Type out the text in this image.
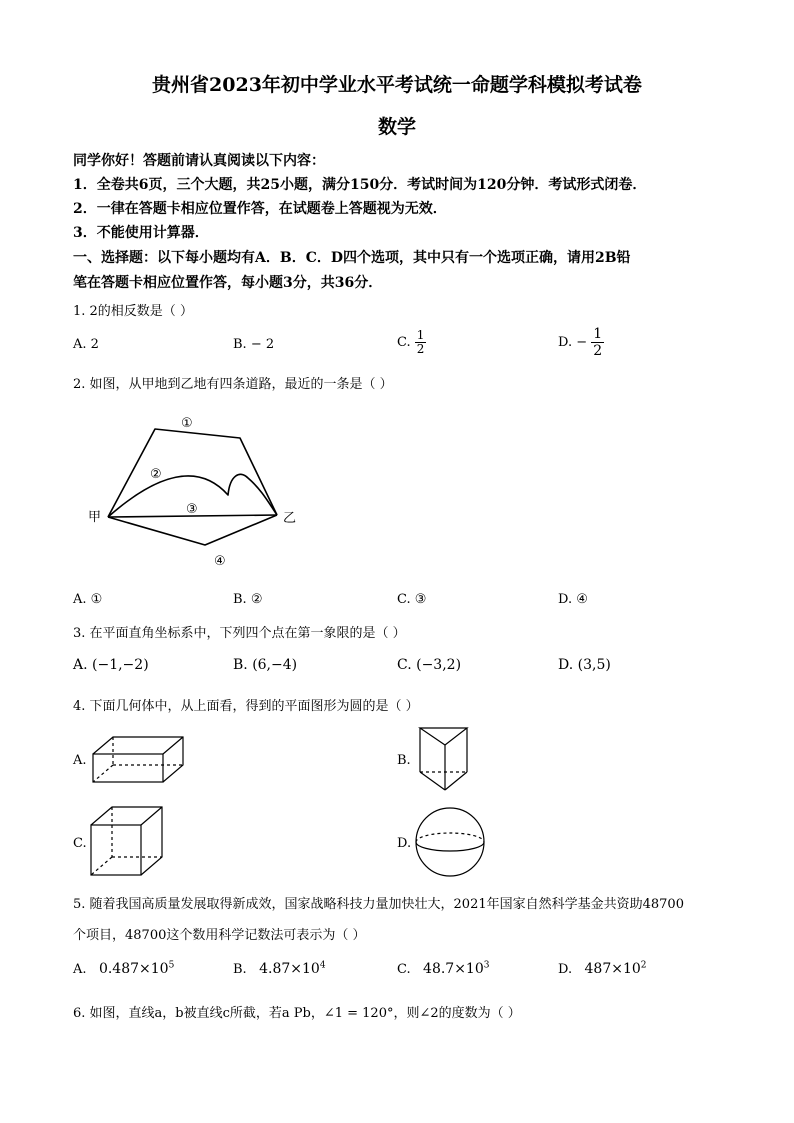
贵州省2023年初中学业水平考试统一命题学科模拟考试卷
数学
同学你好！答题前请认真阅读以下内容：
1．全卷共6页，三个大题，共25小题，满分150分．考试时间为120分钟．考试形式闭卷．
2．一律在答题卡相应位置作答，在试题卷上答题视为无效．
3．不能使用计算器．
一、选择题：以下每小题均有A．B．C．D四个选项，其中只有一个选项正确，请用2B铅
笔在答题卡相应位置作答，每小题3分，共36分．
1. 2的相反数是（ ）
A. 2	B. − 2	C. $\frac{1}{2}$	D. − $\frac{1}{2}$
2. 如图，从甲地到乙地有四条道路，最近的一条是（ ）
甲	乙
①
②
③
④
A. ①	B. ②	C. ③	D. ④
3. 在平面直角坐标系中，下列四个点在第一象限的是（ ）
A. (−1,−2)	B. (6,−4)	C. (−3,2)	D. (3,5)
4. 下面几何体中，从上面看，得到的平面图形为圆的是（ ）
A.	B.
C.	D.
5. 随着我国高质量发展取得新成效，国家战略科技力量加快壮大，2021年国家自然科学基金共资助48700
个项目，48700这个数用科学记数法可表示为（ ）
A. $0.487\times 10^5$	B. $4.87\times 10^4$	C. $48.7\times 10^3$	D. $487\times 10^2$
6. 如图，直线a，b被直线c所截，若a Pb，∠1 = 120°，则∠2的度数为（ ）
